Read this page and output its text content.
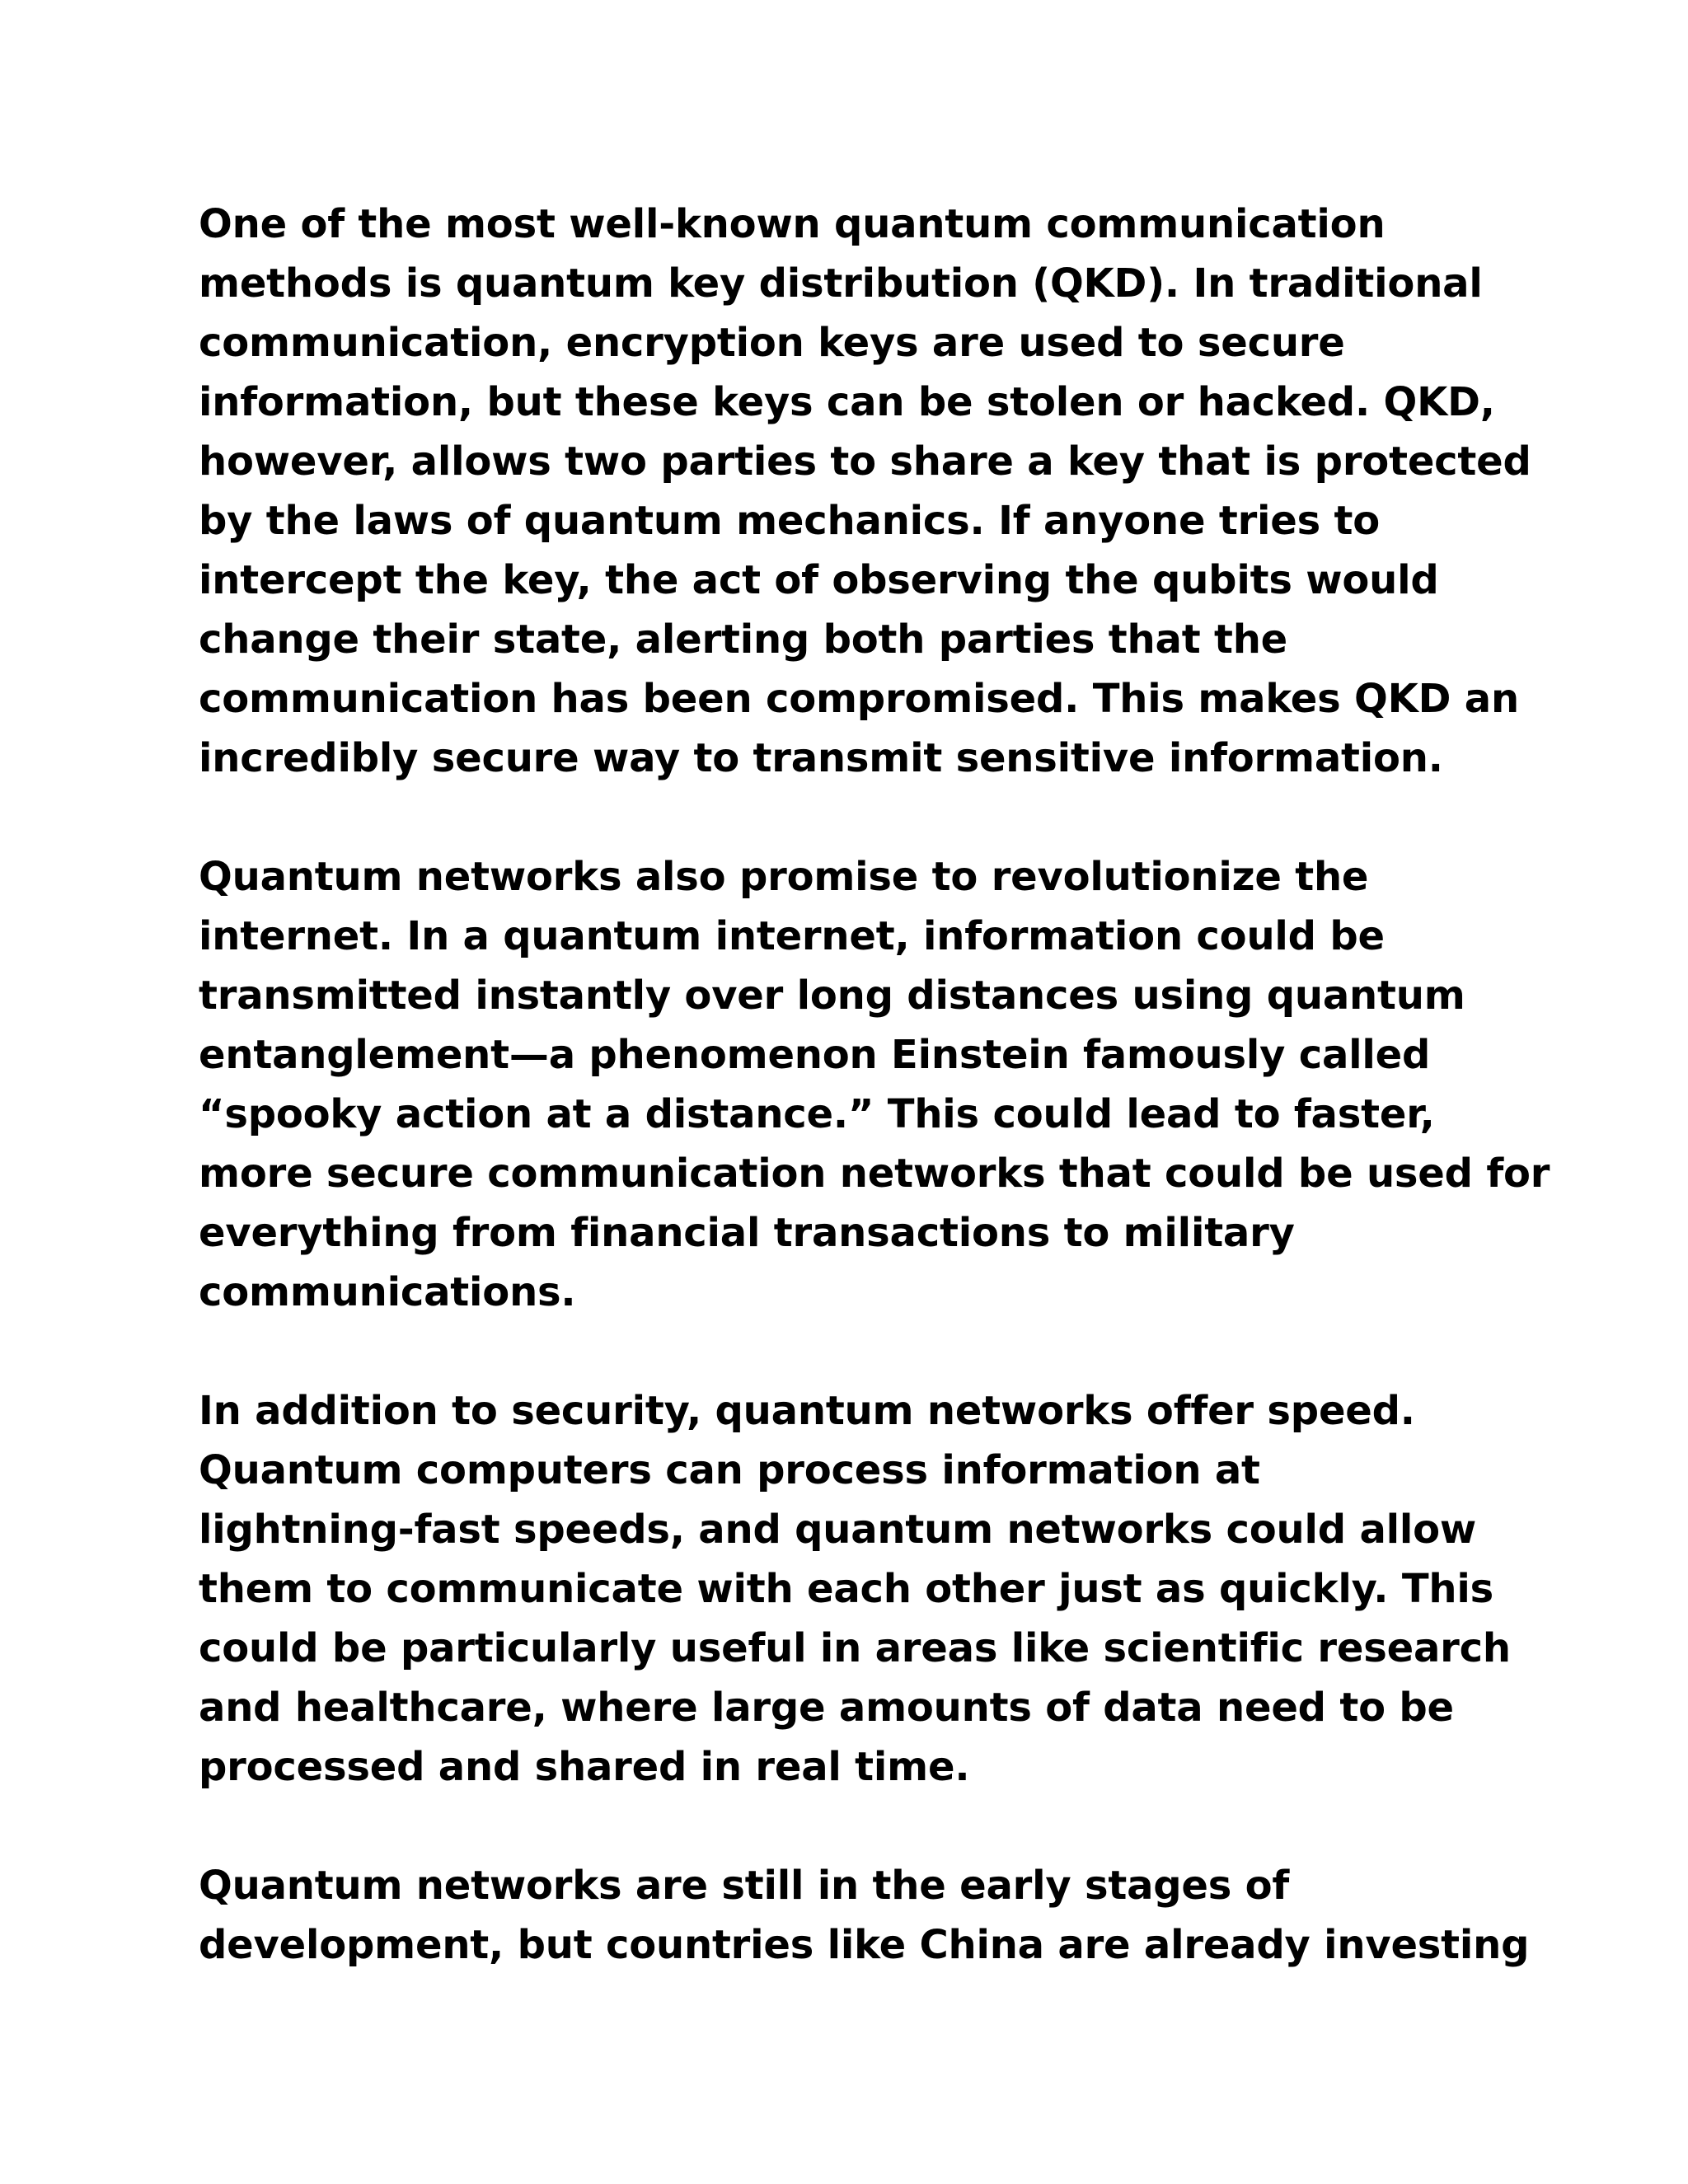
One of the most well-known quantum communication
methods is quantum key distribution (QKD). In traditional
communication, encryption keys are used to secure
information, but these keys can be stolen or hacked. QKD,
however, allows two parties to share a key that is protected
by the laws of quantum mechanics. If anyone tries to
intercept the key, the act of observing the qubits would
change their state, alerting both parties that the
communication has been compromised. This makes QKD an
incredibly secure way to transmit sensitive information.
Quantum networks also promise to revolutionize the
internet. In a quantum internet, information could be
transmitted instantly over long distances using quantum
entanglement—a phenomenon Einstein famously called
“spooky action at a distance.” This could lead to faster,
more secure communication networks that could be used for
everything from financial transactions to military
communications.
In addition to security, quantum networks offer speed.
Quantum computers can process information at
lightning-fast speeds, and quantum networks could allow
them to communicate with each other just as quickly. This
could be particularly useful in areas like scientific research
and healthcare, where large amounts of data need to be
processed and shared in real time.
Quantum networks are still in the early stages of
development, but countries like China are already investing
